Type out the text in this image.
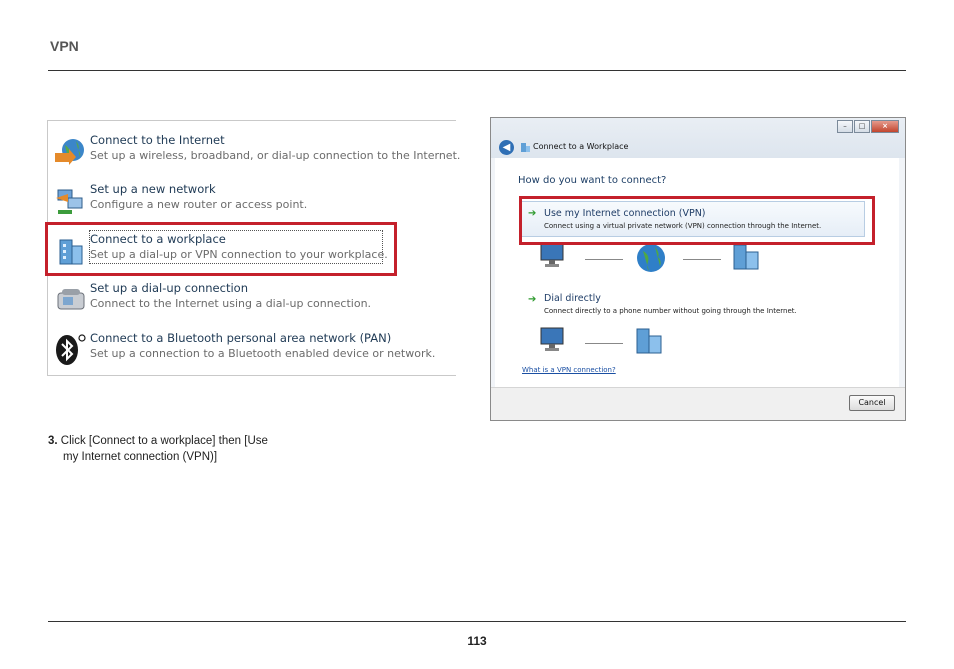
VPN
Connect to the Internet
Set up a wireless, broadband, or dial-up connection to the Internet.
Set up a new network
Configure a new router or access point.
Connect to a workplace
Set up a dial-up or VPN connection to your workplace.
Set up a dial-up connection
Connect to the Internet using a dial-up connection.
Connect to a Bluetooth personal area network (PAN)
Set up a connection to a Bluetooth enabled device or network.
–	□	×
◀	Connect to a Workplace
How do you want to connect?
➔ Use my Internet connection (VPN)
Connect using a virtual private network (VPN) connection through the Internet.
➔ Dial directly
Connect directly to a phone number without going through the Internet.
What is a VPN connection?
Cancel
3. Click [Connect to a workplace] then [Use
my Internet connection (VPN)]
113
